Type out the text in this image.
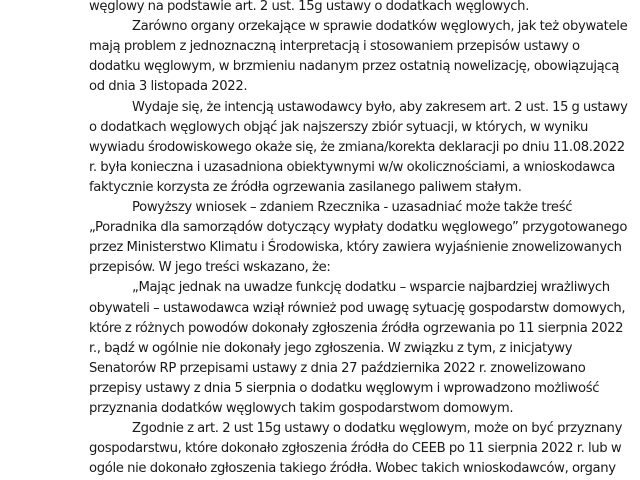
węglowy na podstawie art. 2 ust. 15g ustawy o dodatkach węglowych.
Zarówno organy orzekające w sprawie dodatków węglowych, jak też obywatele
mają problem z jednoznaczną interpretacją i stosowaniem przepisów ustawy o
dodatku węglowym, w brzmieniu nadanym przez ostatnią nowelizację, obowiązującą
od dnia 3 listopada 2022.
Wydaje się, że intencją ustawodawcy było, aby zakresem art. 2 ust. 15 g ustawy
o dodatkach węglowych objąć jak najszerszy zbiór sytuacji, w których, w wyniku
wywiadu środowiskowego okaże się, że zmiana/korekta deklaracji po dniu 11.08.2022
r. była konieczna i uzasadniona obiektywnymi w/w okolicznościami, a wnioskodawca
faktycznie korzysta ze źródła ogrzewania zasilanego paliwem stałym.
Powyższy wniosek – zdaniem Rzecznika - uzasadniać może także treść
„Poradnika dla samorządów dotyczący wypłaty dodatku węglowego” przygotowanego
przez Ministerstwo Klimatu i Środowiska, który zawiera wyjaśnienie znowelizowanych
przepisów. W jego treści wskazano, że:
„Mając jednak na uwadze funkcję dodatku – wsparcie najbardziej wrażliwych
obywateli – ustawodawca wziął również pod uwagę sytuację gospodarstw domowych,
które z różnych powodów dokonały zgłoszenia źródła ogrzewania po 11 sierpnia 2022
r., bądź w ogólnie nie dokonały jego zgłoszenia. W związku z tym, z inicjatywy
Senatorów RP przepisami ustawy z dnia 27 października 2022 r. znowelizowano
przepisy ustawy z dnia 5 sierpnia o dodatku węglowym i wprowadzono możliwość
przyznania dodatków węglowych takim gospodarstwom domowym.
Zgodnie z art. 2 ust 15g ustawy o dodatku węglowym, może on być przyznany
gospodarstwu, które dokonało zgłoszenia źródła do CEEB po 11 sierpnia 2022 r. lub w
ogóle nie dokonało zgłoszenia takiego źródła. Wobec takich wnioskodawców, organy
